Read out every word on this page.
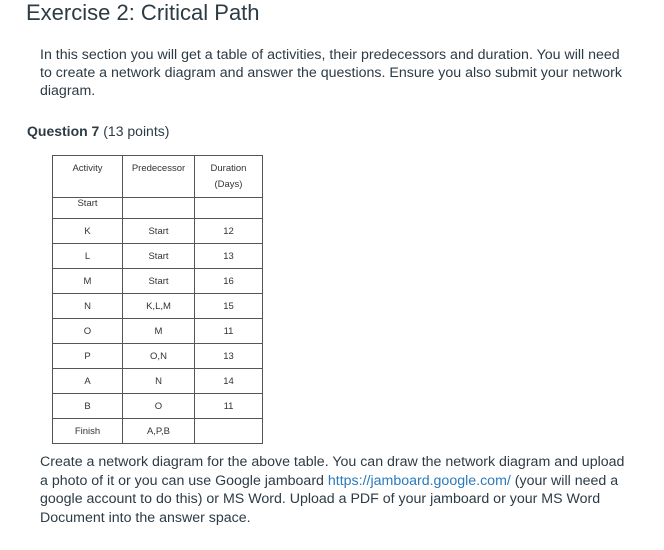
Exercise 2: Critical Path

In this section you will get a table of activities, their predecessors and duration. You will need to create a network diagram and answer the questions. Ensure you also submit your network diagram.

Question 7 (13 points)
Activity	Predecessor	Duration
(Days)
Start		
K	Start	12
L	Start	13
M	Start	16
N	K,L,M	15
O	M	11
P	O,N	13
A	N	14
B	O	11
Finish	A,P,B	

Create a network diagram for the above table. You can draw the network diagram and upload a photo of it or you can use Google jamboard https://jamboard.google.com/ (your will need a google account to do this) or MS Word. Upload a PDF of your jamboard or your MS Word Document into the answer space.
